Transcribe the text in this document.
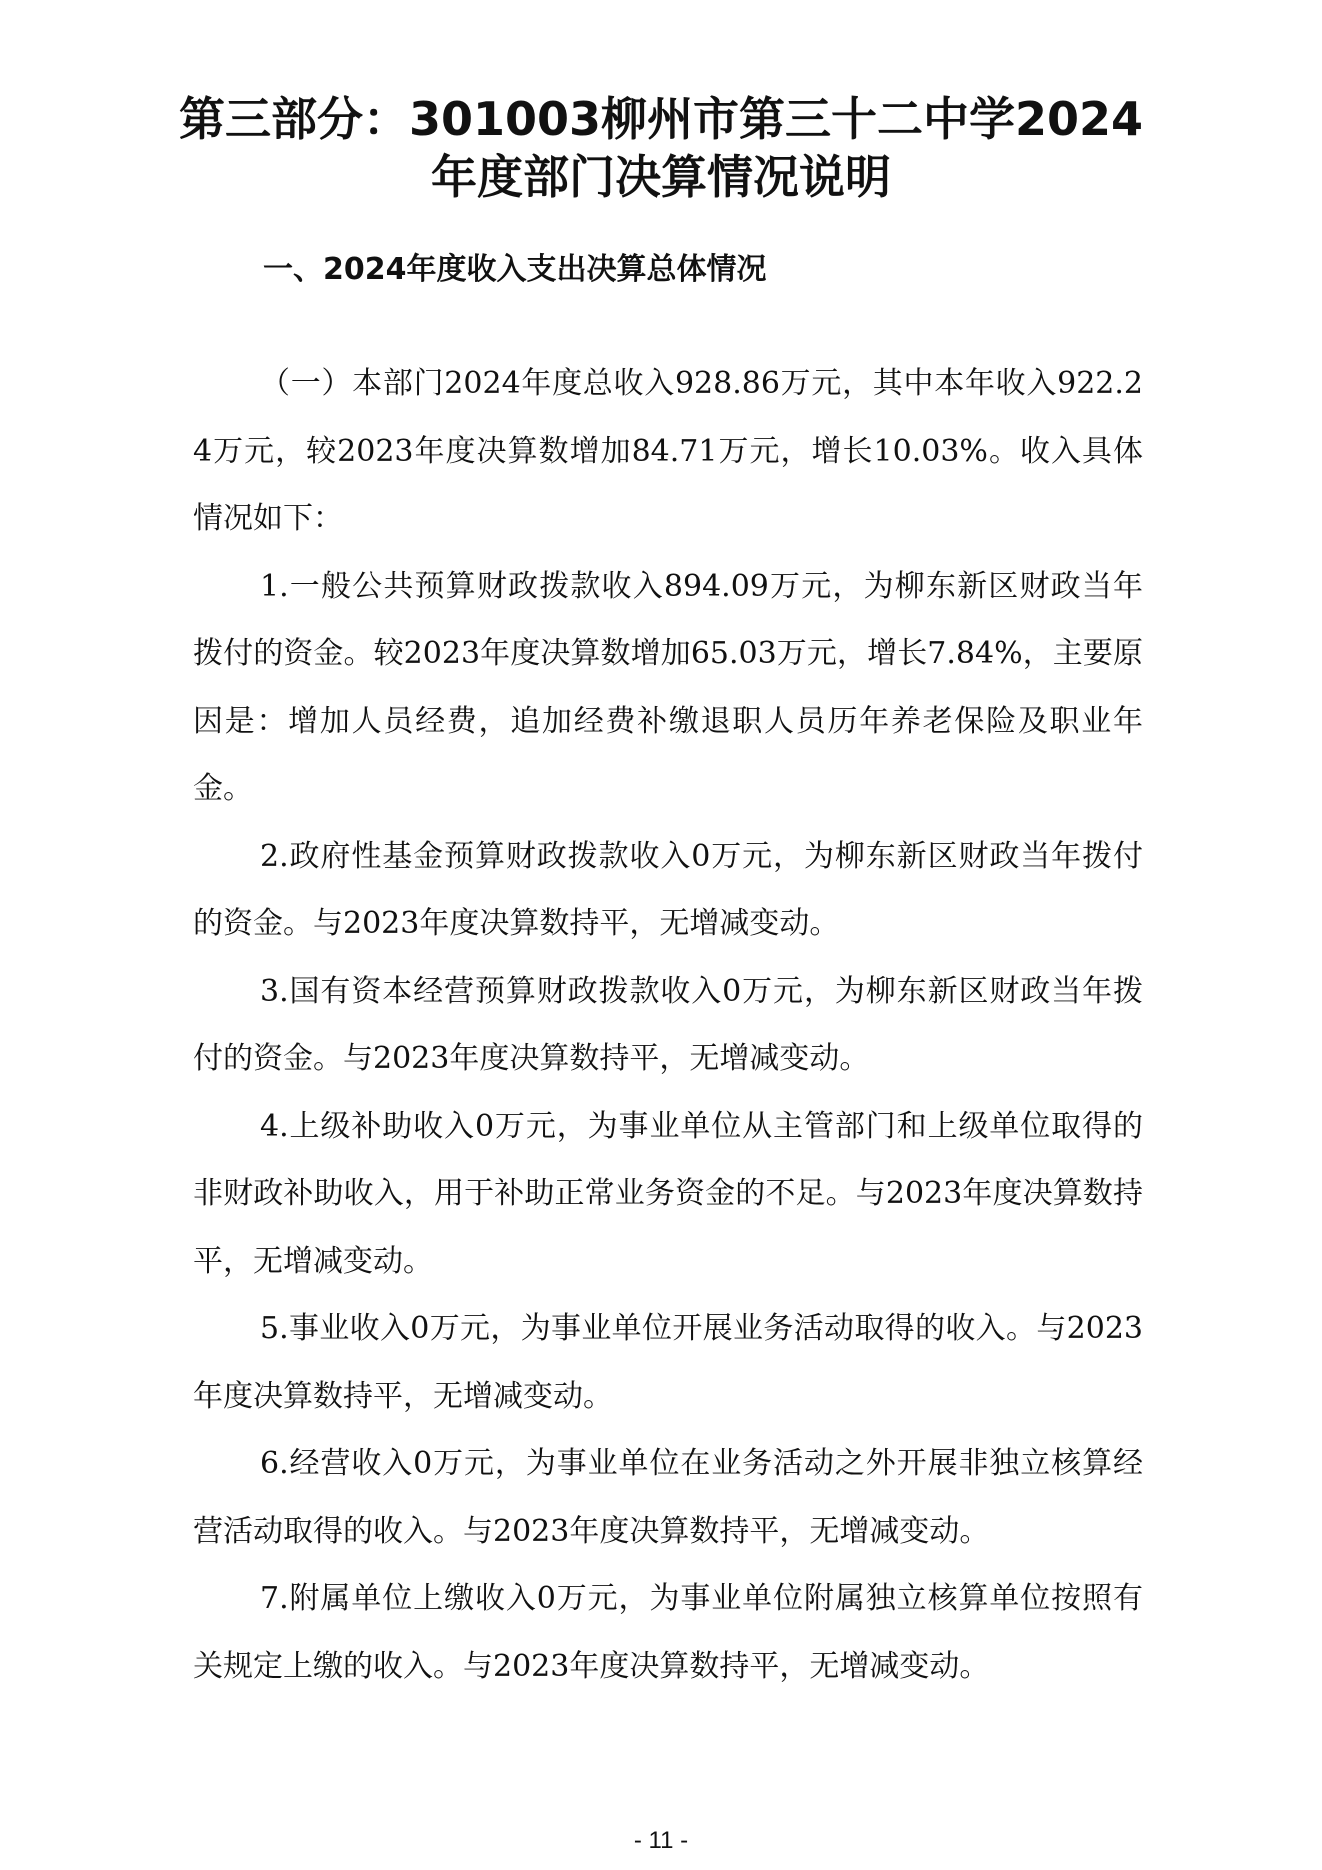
第三部分：301003柳州市第三十二中学2024
年度部门决算情况说明
一、2024年度收入支出决算总体情况

（一）本部门2024年度总收入928.86万元，其中本年收入922.24万元，较2023年度决算数增加84.71万元，增长10.03%。收入具体情况如下：

1.一般公共预算财政拨款收入894.09万元，为柳东新区财政当年拨付的资金。较2023年度决算数增加65.03万元，增长7.84%，主要原因是：增加人员经费，追加经费补缴退职人员历年养老保险及职业年金。

2.政府性基金预算财政拨款收入0万元，为柳东新区财政当年拨付的资金。与2023年度决算数持平，无增减变动。

3.国有资本经营预算财政拨款收入0万元，为柳东新区财政当年拨付的资金。与2023年度决算数持平，无增减变动。

4.上级补助收入0万元，为事业单位从主管部门和上级单位取得的非财政补助收入，用于补助正常业务资金的不足。与2023年度决算数持平，无增减变动。

5.事业收入0万元，为事业单位开展业务活动取得的收入。与2023年度决算数持平，无增减变动。

6.经营收入0万元，为事业单位在业务活动之外开展非独立核算经营活动取得的收入。与2023年度决算数持平，无增减变动。

7.附属单位上缴收入0万元，为事业单位附属独立核算单位按照有关规定上缴的收入。与2023年度决算数持平，无增减变动。

- 11 -
